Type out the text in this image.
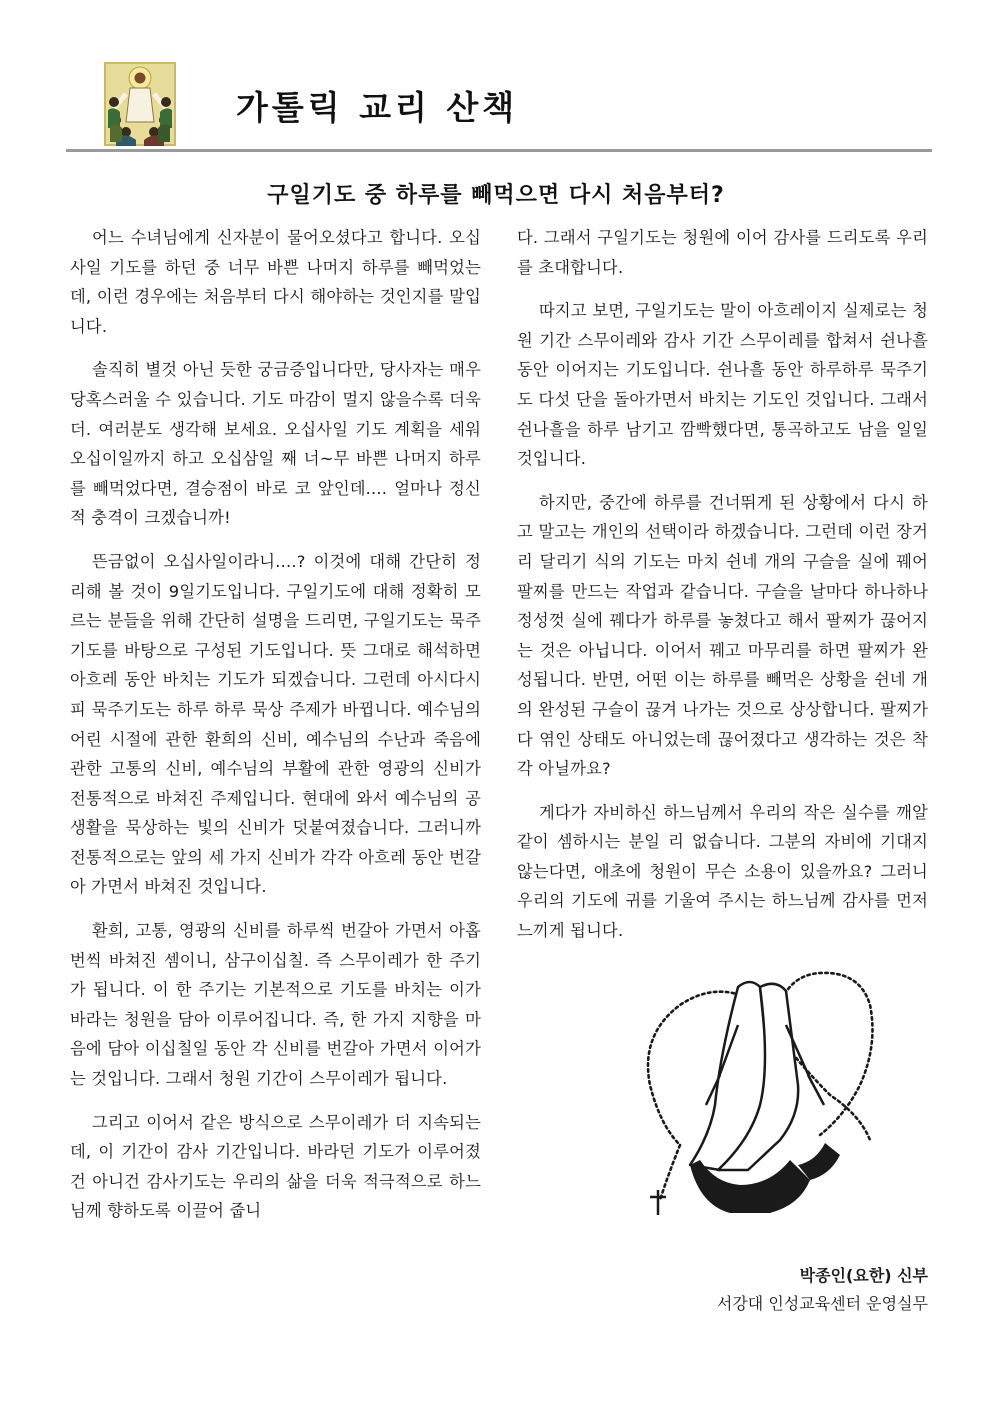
가톨릭 교리 산책
구일기도 중 하루를 빼먹으면 다시 처음부터?

어느 수녀님에게 신자분이 물어오셨다고 합니다. 오십사일 기도를 하던 중 너무 바쁜 나머지 하루를 빼먹었는데, 이런 경우에는 처음부터 다시 해야하는 것인지를 말입니다.

솔직히 별것 아닌 듯한 궁금증입니다만, 당사자는 매우 당혹스러울 수 있습니다. 기도 마감이 멀지 않을수록 더욱 더. 여러분도 생각해 보세요. 오십사일 기도 계획을 세워 오십이일까지 하고 오십삼일 째 너~무 바쁜 나머지 하루를 빼먹었다면, 결승점이 바로 코 앞인데.... 얼마나 정신적 충격이 크겠습니까!

뜬금없이 오십사일이라니....? 이것에 대해 간단히 정리해 볼 것이 9일기도입니다. 구일기도에 대해 정확히 모르는 분들을 위해 간단히 설명을 드리면, 구일기도는 묵주기도를 바탕으로 구성된 기도입니다. 뜻 그대로 해석하면 아흐레 동안 바치는 기도가 되겠습니다. 그런데 아시다시피 묵주기도는 하루 하루 묵상 주제가 바뀝니다. 예수님의 어린 시절에 관한 환희의 신비, 예수님의 수난과 죽음에 관한 고통의 신비, 예수님의 부활에 관한 영광의 신비가 전통적으로 바쳐진 주제입니다. 현대에 와서 예수님의 공생활을 묵상하는 빛의 신비가 덧붙여졌습니다. 그러니까 전통적으로는 앞의 세 가지 신비가 각각 아흐레 동안 번갈아 가면서 바쳐진 것입니다.

환희, 고통, 영광의 신비를 하루씩 번갈아 가면서 아홉 번씩 바쳐진 셈이니, 삼구이십칠. 즉 스무이레가 한 주기가 됩니다. 이 한 주기는 기본적으로 기도를 바치는 이가 바라는 청원을 담아 이루어집니다. 즉, 한 가지 지향을 마음에 담아 이십칠일 동안 각 신비를 번갈아 가면서 이어가는 것입니다. 그래서 청원 기간이 스무이레가 됩니다.

그리고 이어서 같은 방식으로 스무이레가 더 지속되는데, 이 기간이 감사 기간입니다. 바라던 기도가 이루어졌건 아니건 감사기도는 우리의 삶을 더욱 적극적으로 하느님께 향하도록 이끌어 줍니

다. 그래서 구일기도는 청원에 이어 감사를 드리도록 우리를 초대합니다.

따지고 보면, 구일기도는 말이 아흐레이지 실제로는 청원 기간 스무이레와 감사 기간 스무이레를 합쳐서 쉰나흘 동안 이어지는 기도입니다. 쉰나흘 동안 하루하루 묵주기도 다섯 단을 돌아가면서 바치는 기도인 것입니다. 그래서 쉰나흘을 하루 남기고 깜빡했다면, 통곡하고도 남을 일일 것입니다.

하지만, 중간에 하루를 건너뛰게 된 상황에서 다시 하고 말고는 개인의 선택이라 하겠습니다. 그런데 이런 장거리 달리기 식의 기도는 마치 쉰네 개의 구슬을 실에 꿰어 팔찌를 만드는 작업과 같습니다. 구슬을 날마다 하나하나 정성껏 실에 꿰다가 하루를 놓쳤다고 해서 팔찌가 끊어지는 것은 아닙니다. 이어서 꿰고 마무리를 하면 팔찌가 완성됩니다. 반면, 어떤 이는 하루를 빼먹은 상황을 쉰네 개의 완성된 구슬이 끊겨 나가는 것으로 상상합니다. 팔찌가 다 엮인 상태도 아니었는데 끊어졌다고 생각하는 것은 착각 아닐까요?

게다가 자비하신 하느님께서 우리의 작은 실수를 깨알같이 셈하시는 분일 리 없습니다. 그분의 자비에 기대지 않는다면, 애초에 청원이 무슨 소용이 있을까요? 그러니 우리의 기도에 귀를 기울여 주시는 하느님께 감사를 먼저 느끼게 됩니다.

박종인(요한) 신부
서강대 인성교육센터 운영실무
